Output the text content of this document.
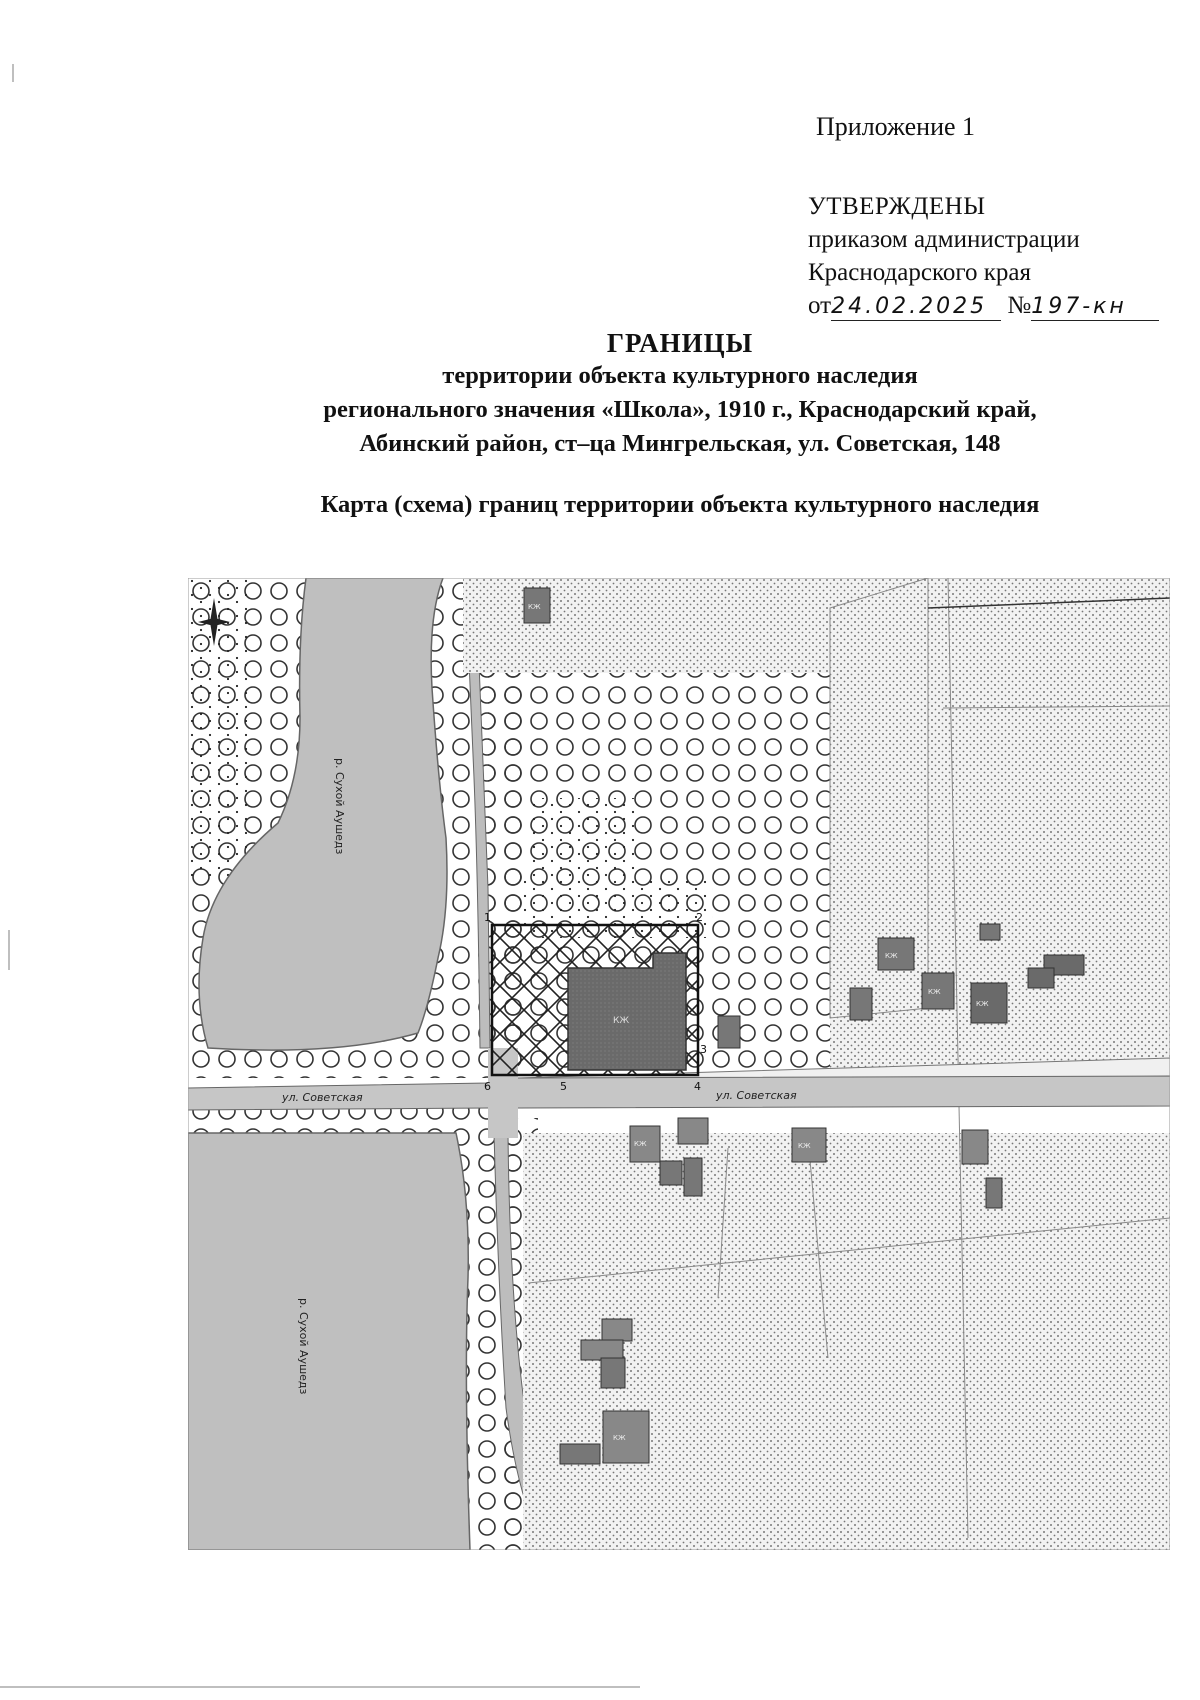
Приложение 1
УТВЕРЖДЕНЫ
приказом администрации
Краснодарского края
от24.02.2025 №197-кн
ГРАНИЦЫ
территории объекта культурного наследия
регионального значения «Школа», 1910 г., Краснодарский край,
Абинский район, ст–ца Мингрельская, ул. Советская, 148
Карта (схема) границ территории объекта культурного наследия
р. Сухой Аушедз
р. Сухой Аушедз
ул. Советская	ул. Советская
КЖ
1	2
3
4
5
6
КЖ
КЖ
КЖ
КЖ
КЖ	КЖ
КЖ
